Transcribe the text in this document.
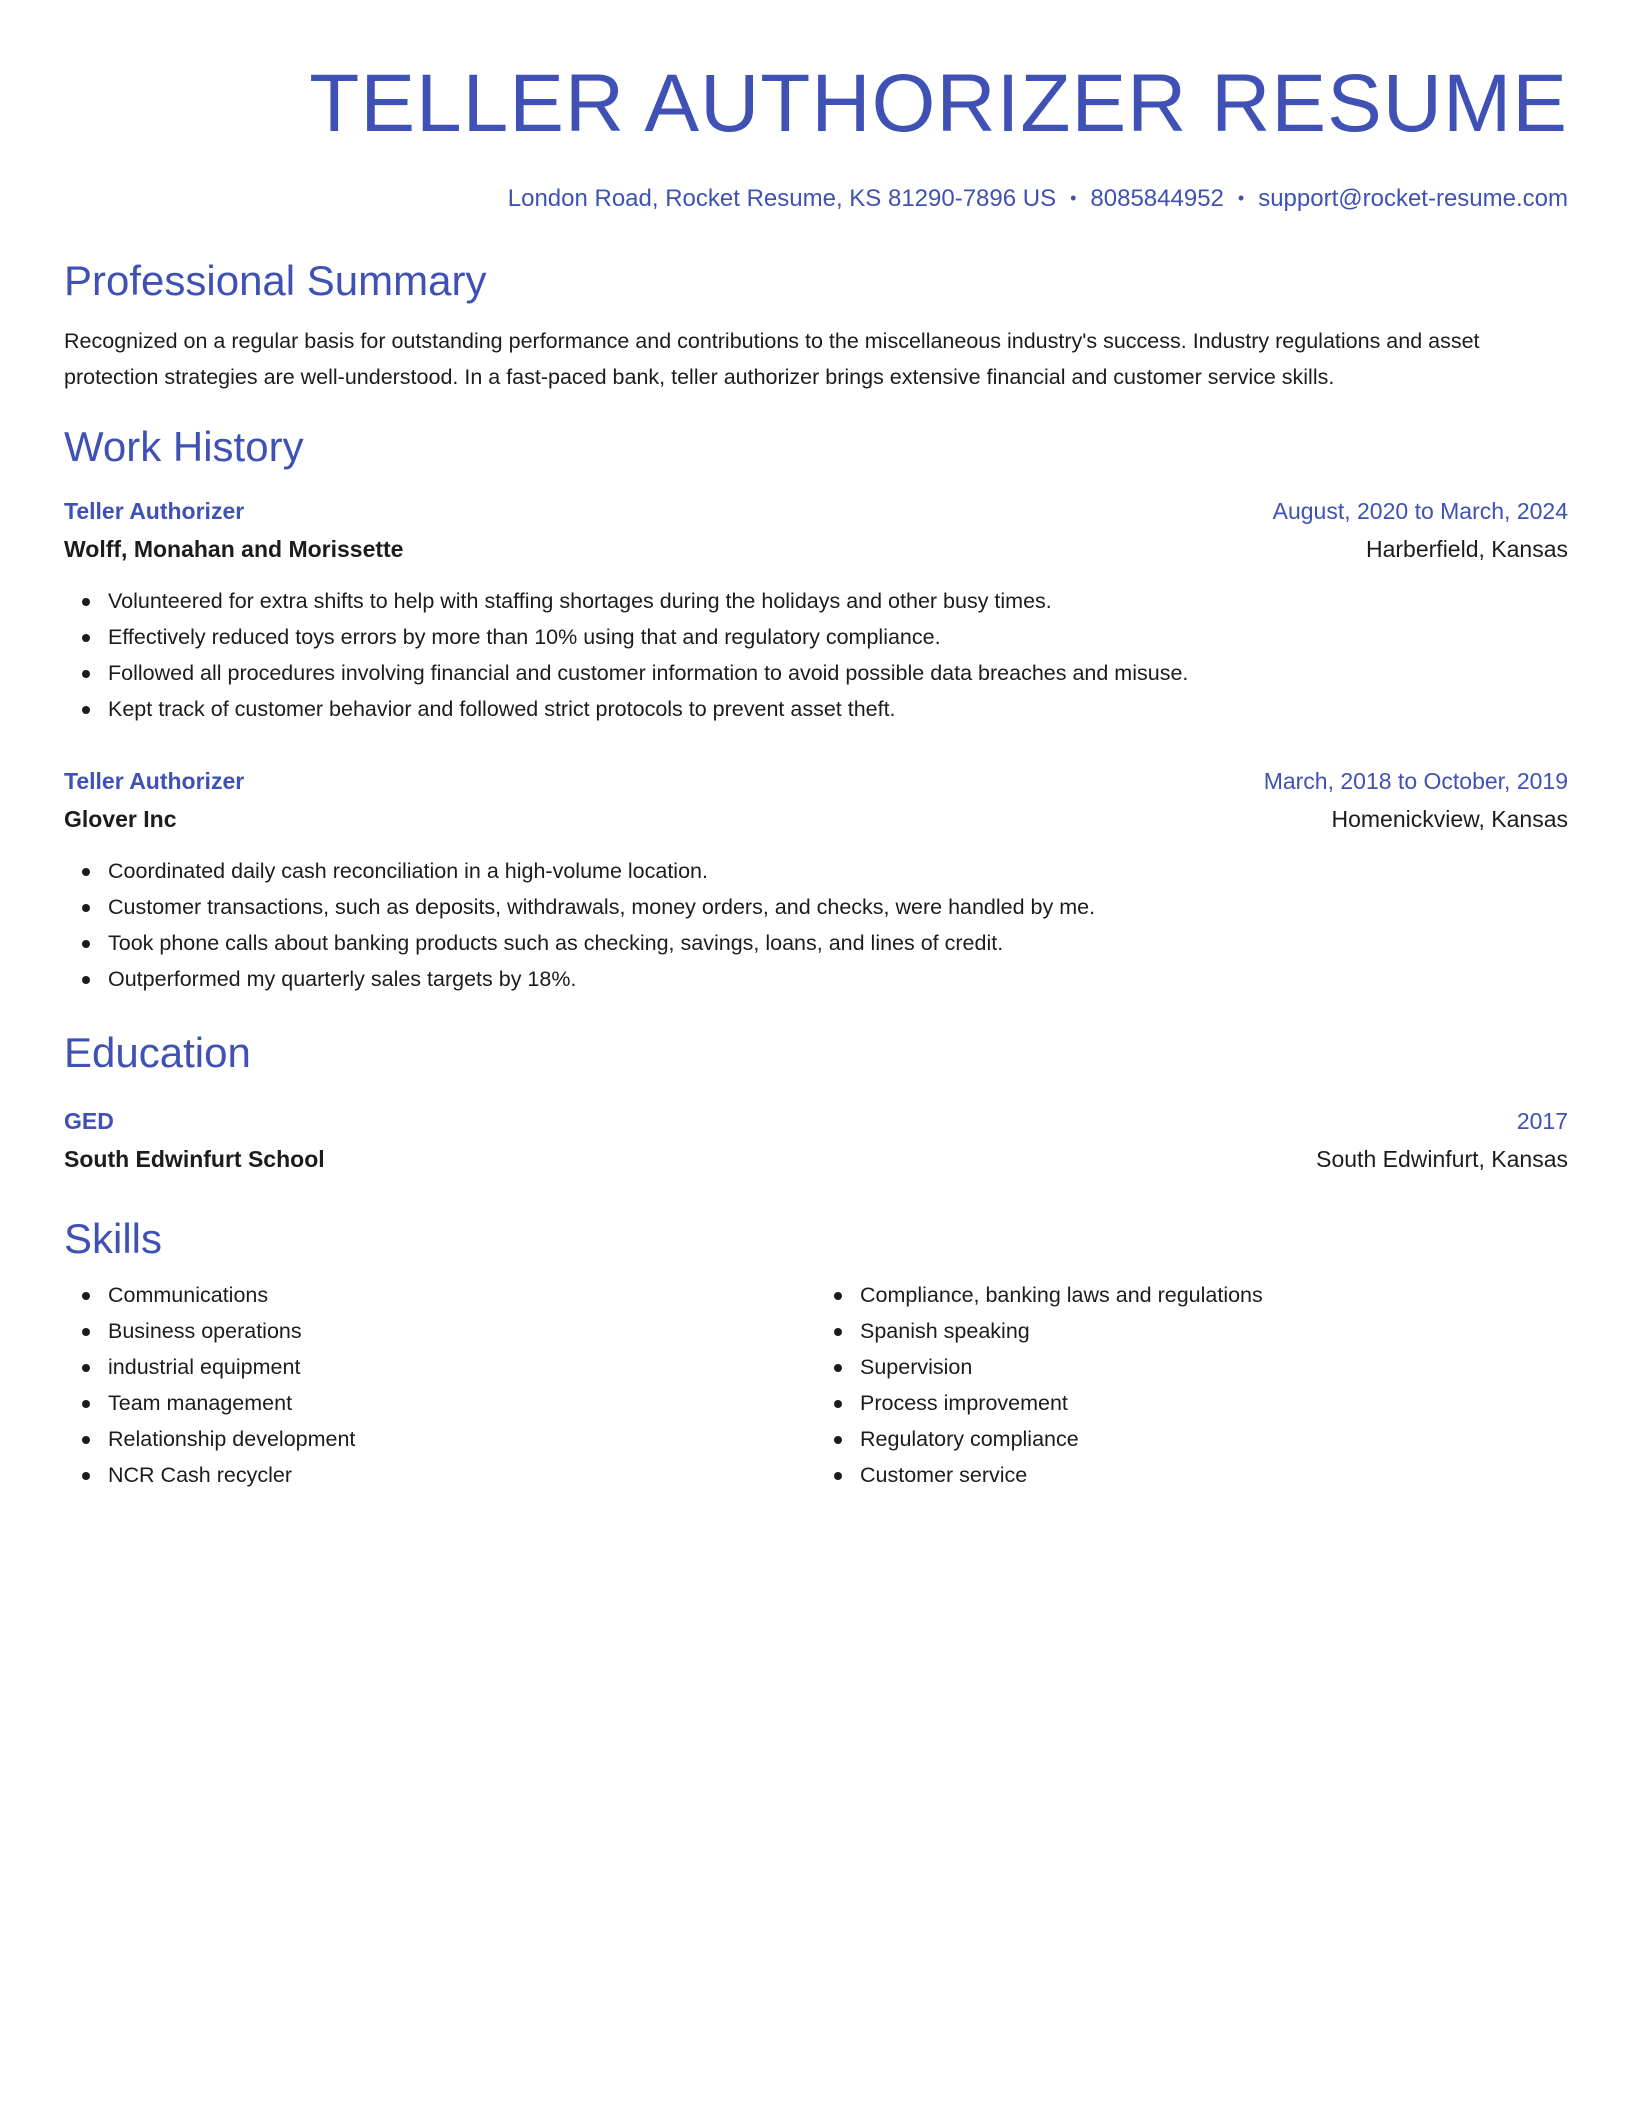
TELLER AUTHORIZER RESUME
London Road, Rocket Resume, KS 81290-7896 US • 8085844952 • support@rocket-resume.com
Professional Summary

Recognized on a regular basis for outstanding performance and contributions to the miscellaneous industry's success. Industry regulations and asset protection strategies are well-understood. In a fast-paced bank, teller authorizer brings extensive financial and customer service skills.

Work History
Teller Authorizer	August, 2020 to March, 2024
Wolff, Monahan and Morissette	Harberfield, Kansas
Volunteered for extra shifts to help with staffing shortages during the holidays and other busy times.
Effectively reduced toys errors by more than 10% using that and regulatory compliance.
Followed all procedures involving financial and customer information to avoid possible data breaches and misuse.
Kept track of customer behavior and followed strict protocols to prevent asset theft.
Teller Authorizer	March, 2018 to October, 2019
Glover Inc	Homenickview, Kansas
Coordinated daily cash reconciliation in a high-volume location.
Customer transactions, such as deposits, withdrawals, money orders, and checks, were handled by me.
Took phone calls about banking products such as checking, savings, loans, and lines of credit.
Outperformed my quarterly sales targets by 18%.
Education
GED	2017
South Edwinfurt School	South Edwinfurt, Kansas
Skills
Communications
Business operations
industrial equipment
Team management
Relationship development
NCR Cash recycler
Compliance, banking laws and regulations
Spanish speaking
Supervision
Process improvement
Regulatory compliance
Customer service
